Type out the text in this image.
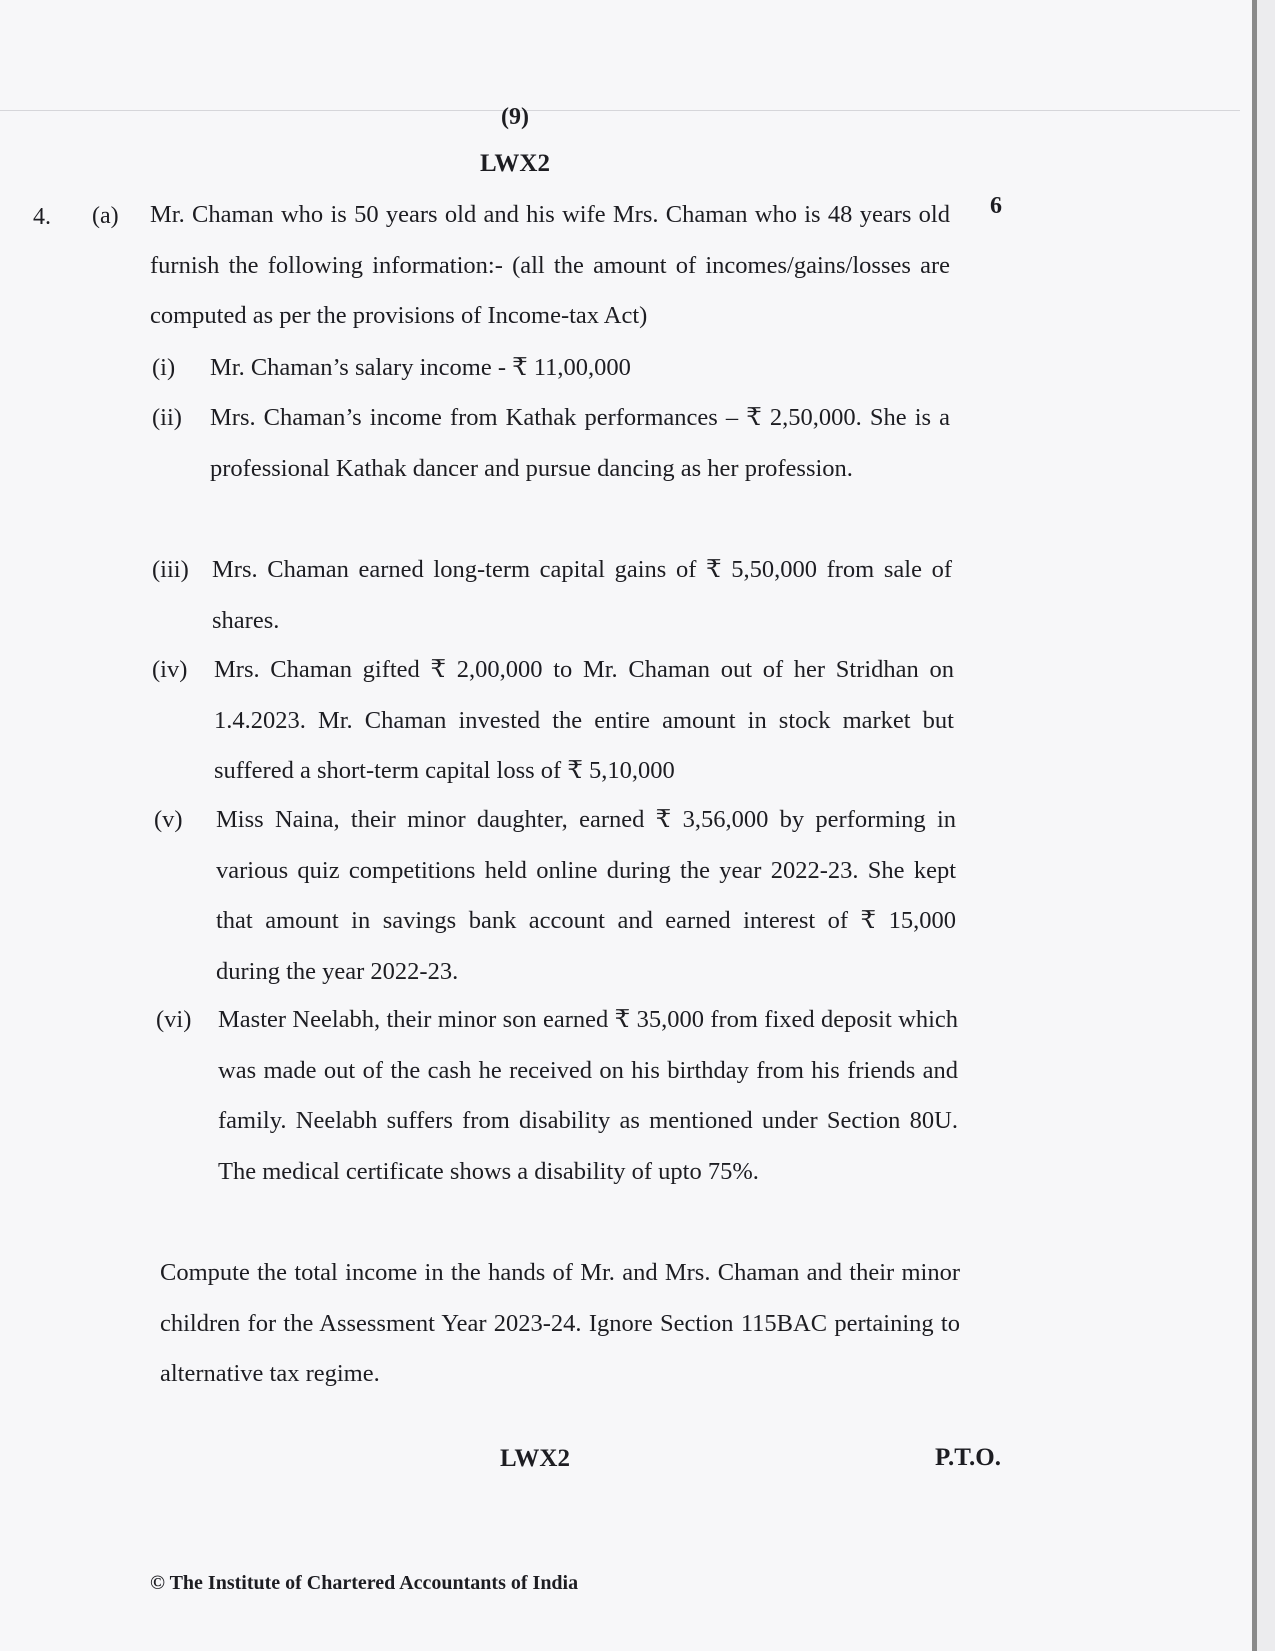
(9)
LWX2
4. (a)	6

Mr. Chaman who is 50 years old and his wife Mrs. Chaman who is 48 years old furnish the following information:- (all the amount of incomes/gains/losses are computed as per the provisions of Income-tax Act)

(i) Mr. Chaman’s salary income - ₹ 11,00,000

(ii) Mrs. Chaman’s income from Kathak performances – ₹ 2,50,000. She is a professional Kathak dancer and pursue dancing as her profession.

(iii) Mrs. Chaman earned long-term capital gains of ₹ 5,50,000 from sale of shares.

(iv) Mrs. Chaman gifted ₹ 2,00,000 to Mr. Chaman out of her Stridhan on 1.4.2023. Mr. Chaman invested the entire amount in stock market but suffered a short-term capital loss of ₹ 5,10,000

(v) Miss Naina, their minor daughter, earned ₹ 3,56,000 by performing in various quiz competitions held online during the year 2022-23. She kept that amount in savings bank account and earned interest of ₹ 15,000 during the year 2022-23.

(vi) Master Neelabh, their minor son earned ₹ 35,000 from fixed deposit which was made out of the cash he received on his birthday from his friends and family. Neelabh suffers from disability as mentioned under Section 80U. The medical certificate shows a disability of upto 75%.

Compute the total income in the hands of Mr. and Mrs. Chaman and their minor children for the Assessment Year 2023-24. Ignore Section 115BAC pertaining to alternative tax regime.

LWX2	P.T.O.
© The Institute of Chartered Accountants of India
